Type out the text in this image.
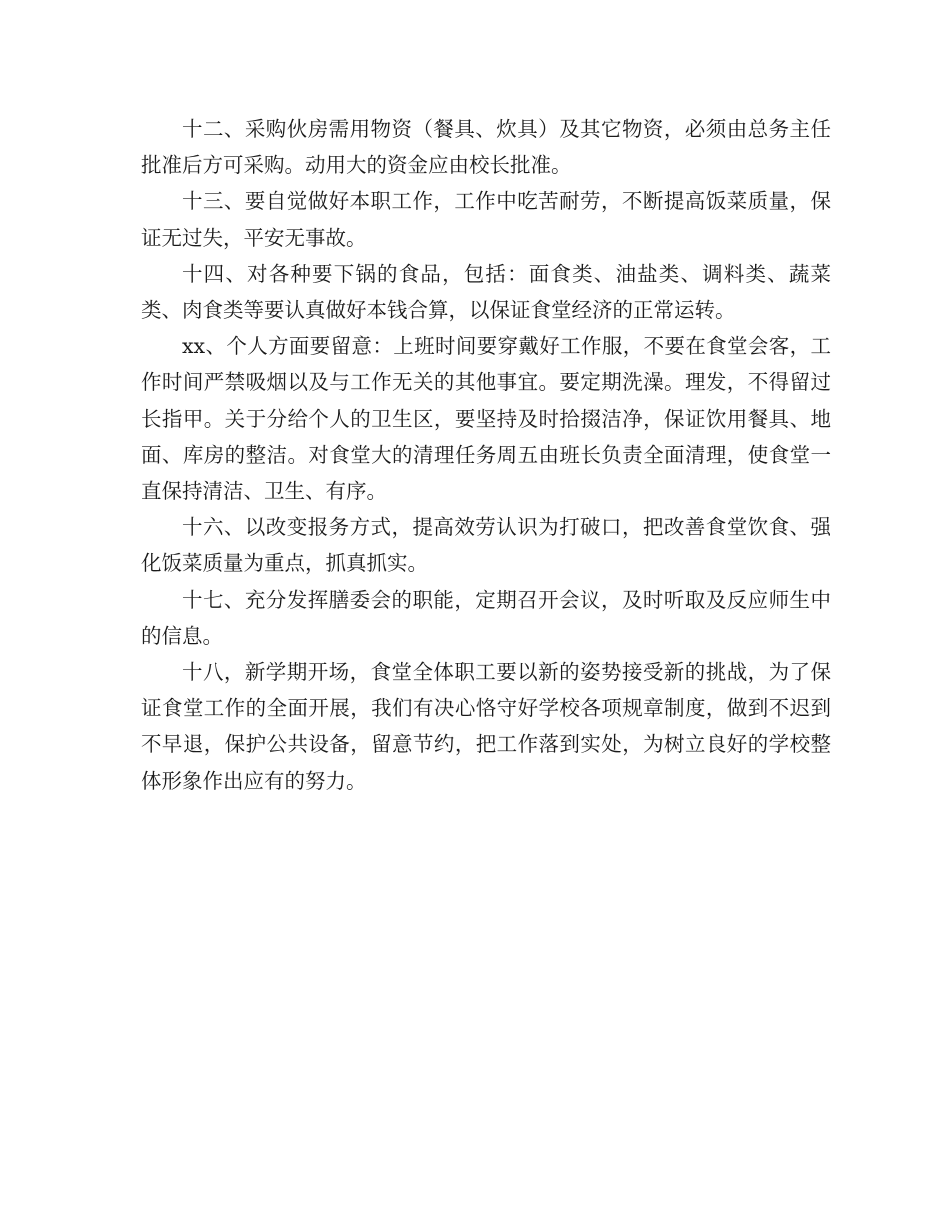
十二、采购伙房需用物资（餐具、炊具）及其它物资，必须由总务主任批准后方可采购。动用大的资金应由校长批准。

十三、要自觉做好本职工作，工作中吃苦耐劳，不断提高饭菜质量，保证无过失，平安无事故。

十四、对各种要下锅的食品，包括：面食类、油盐类、调料类、蔬菜类、肉食类等要认真做好本钱合算，以保证食堂经济的正常运转。

xx、个人方面要留意：上班时间要穿戴好工作服，不要在食堂会客，工作时间严禁吸烟以及与工作无关的其他事宜。要定期洗澡。理发，不得留过长指甲。关于分给个人的卫生区，要坚持及时拾掇洁净，保证饮用餐具、地面、库房的整洁。对食堂大的清理任务周五由班长负责全面清理，使食堂一直保持清洁、卫生、有序。

十六、以改变报务方式，提高效劳认识为打破口，把改善食堂饮食、强化饭菜质量为重点，抓真抓实。

十七、充分发挥膳委会的职能，定期召开会议，及时听取及反应师生中的信息。

十八，新学期开场，食堂全体职工要以新的姿势接受新的挑战，为了保证食堂工作的全面开展，我们有决心恪守好学校各项规章制度，做到不迟到不早退，保护公共设备，留意节约，把工作落到实处，为树立良好的学校整体形象作出应有的努力。
